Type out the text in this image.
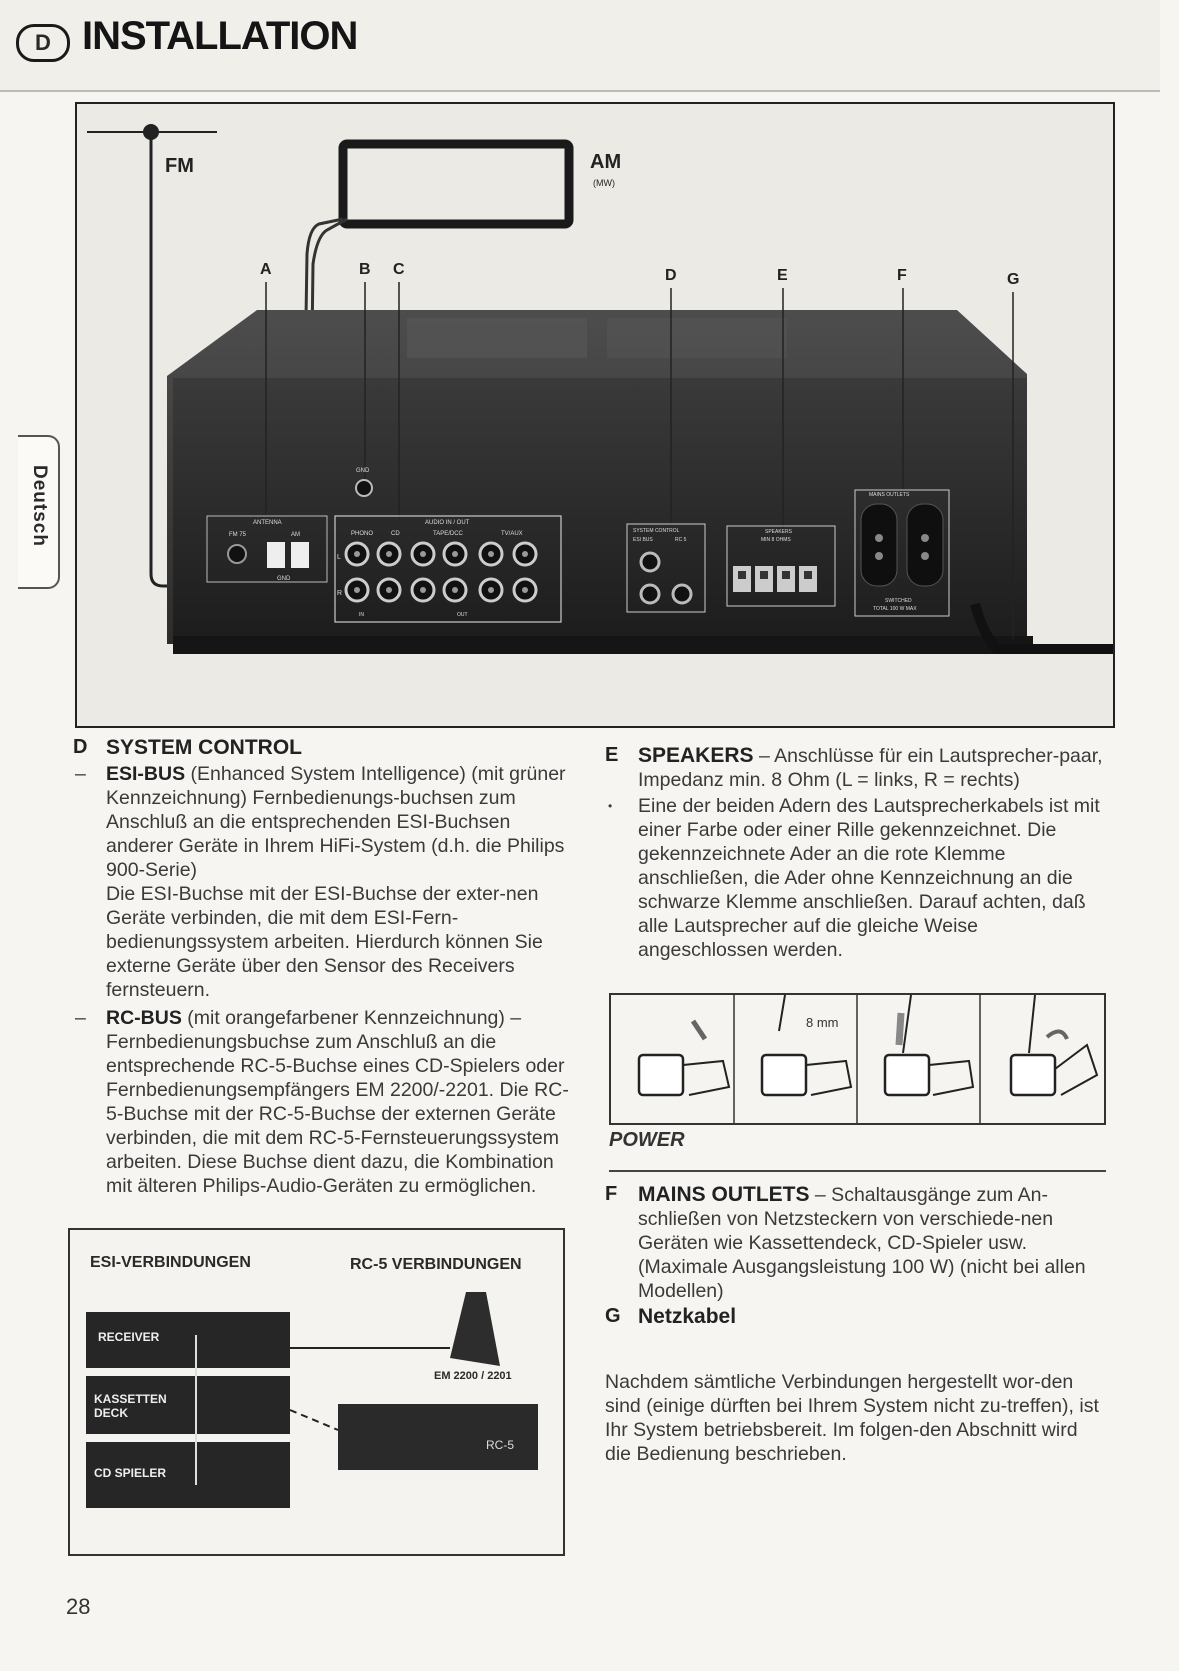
D INSTALLATION
Deutsch
FM	AM
(MW)
A	B C	D	E	F	G
ANTENNA
FM 75	AM
GND
GND
AUDIO IN / OUT
TAPE/DCC
PHONO	CD	TV/AUX
L
R
IN	OUT
SYSTEM CONTROL
ESI BUS	RC 5
SPEAKERS
MIN 8 OHMS
MAINS OUTLETS
SWITCHED
TOTAL 100 W MAX
D SYSTEM CONTROL
– ESI-BUS (Enhanced System Intelligence) (mit grüner Kennzeichnung) Fernbedienungs-buchsen zum Anschluß an die entsprechenden ESI-Buchsen anderer Geräte in Ihrem HiFi-System (d.h. die Philips 900-Serie)
Die ESI-Buchse mit der ESI-Buchse der exter-nen Geräte verbinden, die mit dem ESI-Fern-bedienungssystem arbeiten. Hierdurch können Sie externe Geräte über den Sensor des Receivers fernsteuern.
– RC-BUS (mit orangefarbener Kennzeichnung) – Fernbedienungsbuchse zum Anschluß an die entsprechende RC-5-Buchse eines CD-Spielers oder Fernbedienungsempfängers EM 2200/-2201. Die RC-5-Buchse mit der RC-5-Buchse der externen Geräte verbinden, die mit dem RC-5-Fernsteuerungssystem arbeiten. Diese Buchse dient dazu, die Kombination mit älteren Philips-Audio-Geräten zu ermöglichen.
ESI-VERBINDUNGEN	RC-5 VERBINDUNGEN
RECEIVER
KASSETTEN DECK
CD SPIELER
EM 2200 / 2201
RC-5
E SPEAKERS – Anschlüsse für ein Lautsprecher-paar, Impedanz min. 8 Ohm (L = links, R = rechts)
• Eine der beiden Adern des Lautsprecherkabels ist mit einer Farbe oder einer Rille gekennzeichnet. Die gekennzeichnete Ader an die rote Klemme anschließen, die Ader ohne Kennzeichnung an die schwarze Klemme anschließen. Darauf achten, daß alle Lautsprecher auf die gleiche Weise angeschlossen werden.
8 mm
POWER
F MAINS OUTLETS – Schaltausgänge zum An-schließen von Netzsteckern von verschiede-nen Geräten wie Kassettendeck, CD-Spieler usw. (Maximale Ausgangsleistung 100 W) (nicht bei allen Modellen)
G Netzkabel
Nachdem sämtliche Verbindungen hergestellt wor-den sind (einige dürften bei Ihrem System nicht zu-treffen), ist Ihr System betriebsbereit. Im folgen-den Abschnitt wird die Bedienung beschrieben.
28
